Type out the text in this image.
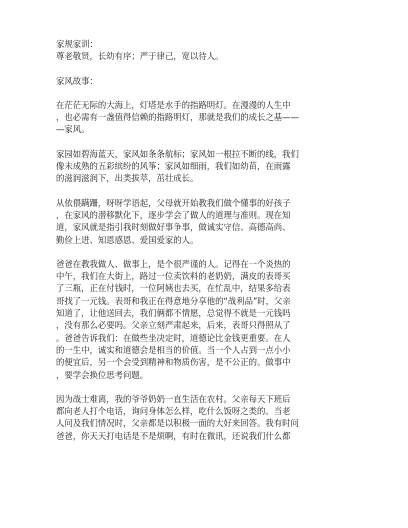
家规家训：

尊老敬贤，长幼有序；严于律己，宽以待人。

家风故事：

在茫茫无际的大海上，灯塔是水手的指路明灯。在漫漫的人生中

，也必需有一盏值得信赖的指路明灯，那就是我们的成长之基——

—家风。

家园如碧海蓝天，家风如条条航标；家风如一根拉不断的线，我们

像未成熟的五彩缤纷的风筝；家风如细雨，我们如幼苗，在雨露

的滋润滋润下，出类拔萃，茁壮成长。

从依偎蹒跚，呀呀学语起，父母就开始教我们做个懂事的好孩子

，在家风的潜移默化下，逐步学会了做人的道理与准则。现在知

道，家风就是指引我时刻做好事争事，做诚实守信、高德高尚、

勤俭上进、知恩感恩、爱国爱家的人。

爸爸在教我做人、做事上，是个很严谨的人。记得在一个炎热的

中午，我们在大街上，路过一位卖饮料的老奶奶，满皮的表哥买

了三瓶，正在付钱时，一位阿姨也去买，在忙乱中，结果多给表

哥找了一元钱。表哥和我正在得意地分享他的“战利品”时，父亲

知道了，让他送回去，我们俩都不情愿，总觉得不就是一元钱吗

，没有那么必要吗。父亲立刻严肃起来，后来，表哥只得照从了

。爸爸告诉我们：在做些坐决定时，道德论比金钱更重要。在人

的一生中，诚实和道德会是相当的价值。当一个人占到一点小小

的便宜后，另一个会受到精神和物质伤害，是不公正的。做事中

，要学会换位思考问题。

因为战士难离，我的爷爷奶奶一直生活在农村。父亲每天下班后

都向老人打个电话，询问身体怎么样，吃什么饭呀之类的。当老

人问及我们情况时，父亲都是以积极一面的大好来回答。我有时问

爸爸，你天天打电话是不是烦啊，有时在微讯，还说我们什么都
